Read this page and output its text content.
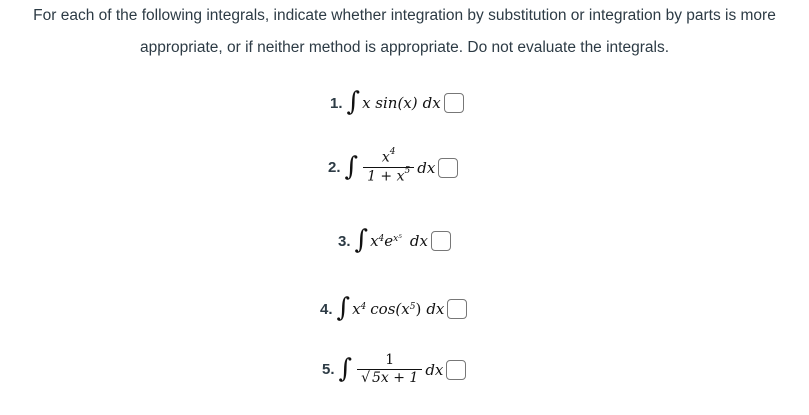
For each of the following integrals, indicate whether integration by substitution or integration by parts is more
appropriate, or if neither method is appropriate. Do not evaluate the integrals.
1. ∫ x sin(x) dx
2. ∫ $\frac{x^4}{1 + x^5}$ dx
3. ∫ $x^4$ $e^{x^5}$ dx
4. ∫ $x^4$ $\cos(x^5$ ) dx
5. ∫ $\frac{1}{√ 5x + 1}$ dx
